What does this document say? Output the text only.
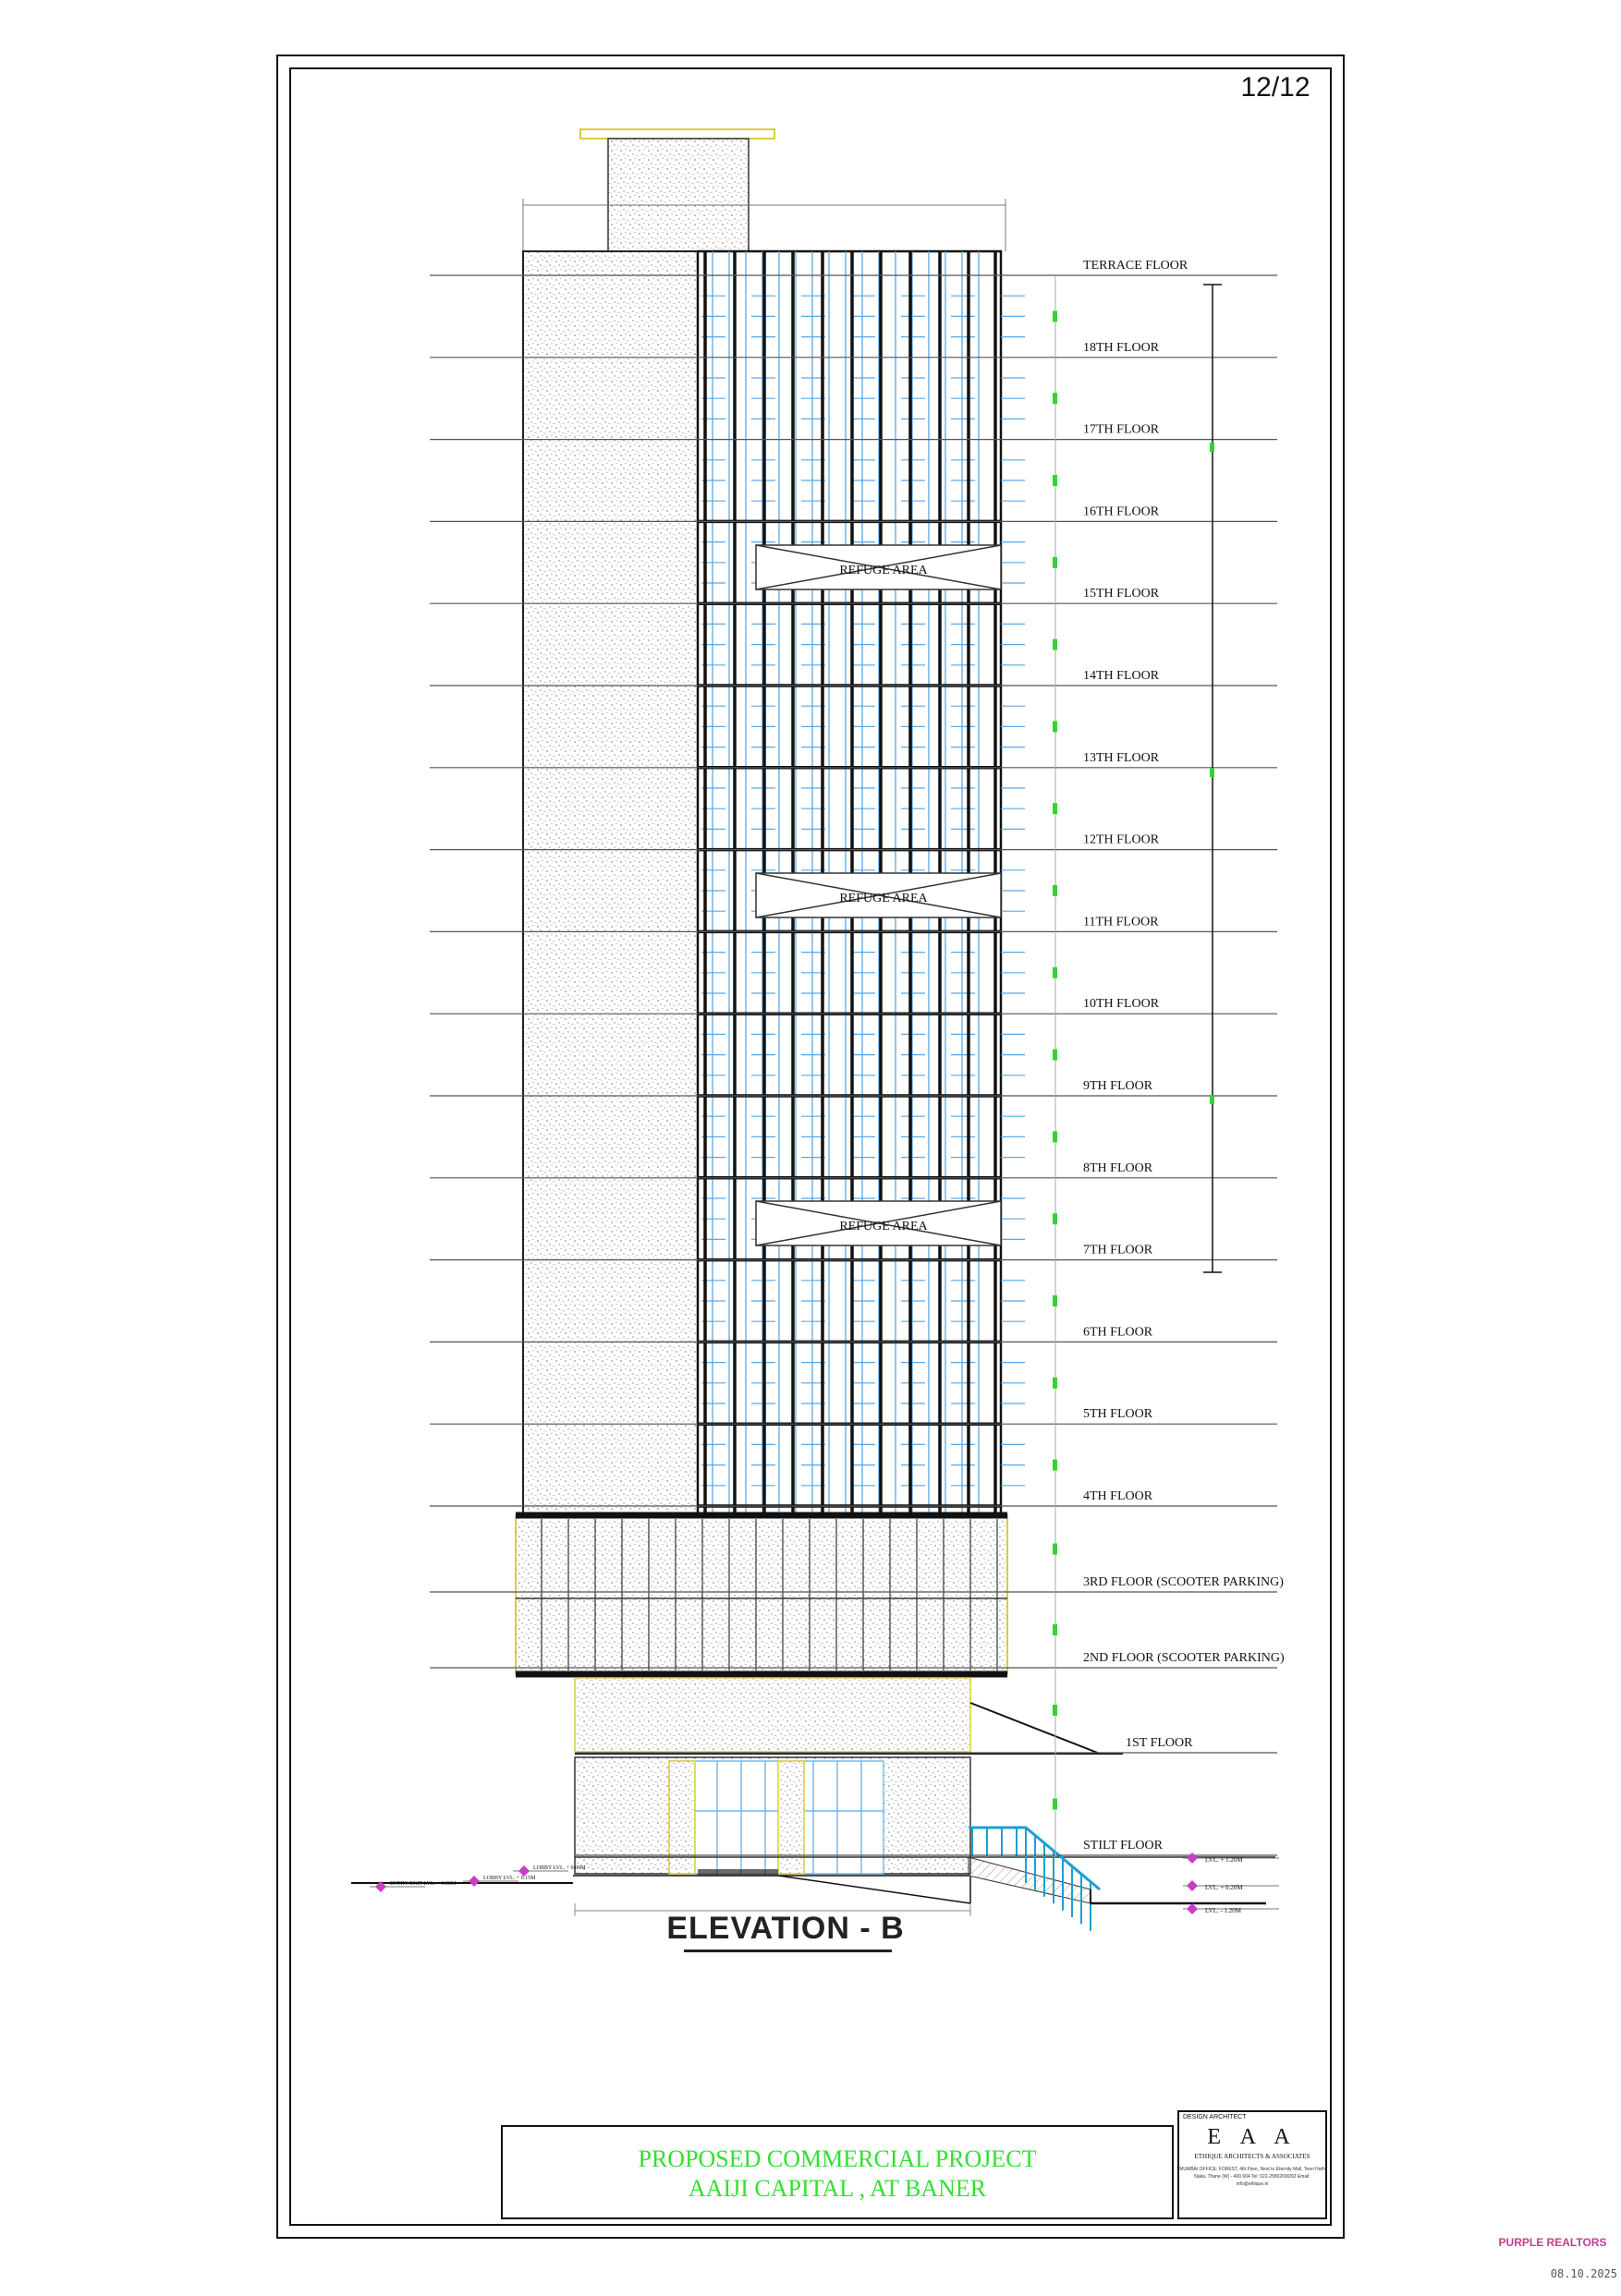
REFUGE AREA
REFUGE AREA
REFUGE AREA
TERRACE FLOOR
18TH FLOOR
17TH FLOOR
16TH FLOOR
15TH FLOOR
14TH FLOOR
13TH FLOOR
12TH FLOOR
11TH FLOOR
10TH FLOOR
9TH FLOOR
8TH FLOOR
7TH FLOOR
6TH FLOOR
5TH FLOOR
4TH FLOOR
3RD FLOOR (SCOOTER PARKING)
2ND FLOOR (SCOOTER PARKING)
1ST FLOOR
STILT FLOOR
LVL. + 1.20M
LVL. + 0.20M
LVL. - 1.20M
LOBBY LVL. + 0.00M
LOBBY LVL. + 0.15M
ENTRY/EXIT LVL. + 0.00M
12/12
ELEVATION - B
PROPOSED COMMERCIAL PROJECT
AAIJI CAPITAL , AT BANER
DESIGN ARCHITECT
E A A
ETHIQUE ARCHITECTS & ASSOCIATES
MUMBAI OFFICE: FOREST, 4th Floor, Next to Eternity Mall, Teen Hath Naka, Thane (W) - 400 604 Tel: 022-25802690/92 Email: info@ethique.in
PURPLE REALTORS
08.10.2025
